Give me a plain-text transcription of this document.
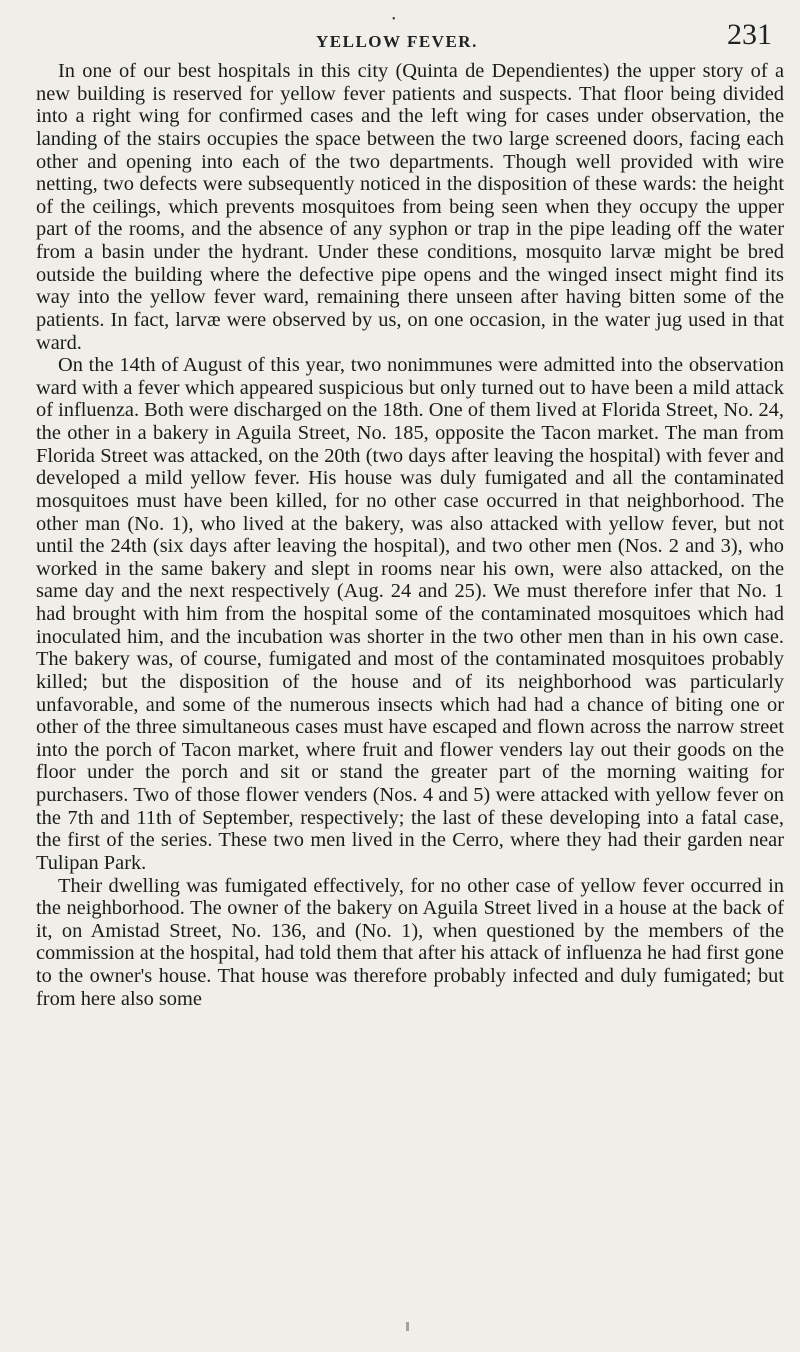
•
YELLOW FEVER.	231

In one of our best hospitals in this city (Quinta de Dependientes) the upper story of a new building is reserved for yellow fever patients and suspects. That floor being divided into a right wing for confirmed cases and the left wing for cases under observation, the landing of the stairs occupies the space between the two large screened doors, facing each other and opening into each of the two departments. Though well provided with wire netting, two defects were subsequently noticed in the disposition of these wards: the height of the ceilings, which prevents mosquitoes from being seen when they occupy the upper part of the rooms, and the absence of any syphon or trap in the pipe leading off the water from a basin under the hydrant. Under these conditions, mosquito larvæ might be bred outside the building where the defective pipe opens and the winged insect might find its way into the yellow fever ward, remaining there unseen after having bitten some of the patients. In fact, larvæ were observed by us, on one occasion, in the water jug used in that ward.

On the 14th of August of this year, two nonimmunes were admitted into the observation ward with a fever which appeared suspicious but only turned out to have been a mild attack of influenza. Both were discharged on the 18th. One of them lived at Florida Street, No. 24, the other in a bakery in Aguila Street, No. 185, opposite the Tacon market. The man from Florida Street was attacked, on the 20th (two days after leaving the hospital) with fever and developed a mild yellow fever. His house was duly fumigated and all the contaminated mosquitoes must have been killed, for no other case occurred in that neighborhood. The other man (No. 1), who lived at the bakery, was also attacked with yellow fever, but not until the 24th (six days after leaving the hospital), and two other men (Nos. 2 and 3), who worked in the same bakery and slept in rooms near his own, were also attacked, on the same day and the next respectively (Aug. 24 and 25). We must therefore infer that No. 1 had brought with him from the hospital some of the contaminated mosquitoes which had inoculated him, and the incubation was shorter in the two other men than in his own case. The bakery was, of course, fumigated and most of the contaminated mosquitoes probably killed; but the disposition of the house and of its neighborhood was particularly unfavorable, and some of the numerous insects which had had a chance of biting one or other of the three simultaneous cases must have escaped and flown across the narrow street into the porch of Tacon market, where fruit and flower venders lay out their goods on the floor under the porch and sit or stand the greater part of the morning waiting for purchasers. Two of those flower venders (Nos. 4 and 5) were attacked with yellow fever on the 7th and 11th of September, respectively; the last of these developing into a fatal case, the first of the series. These two men lived in the Cerro, where they had their garden near Tulipan Park.

Their dwelling was fumigated effectively, for no other case of yellow fever occurred in the neighborhood. The owner of the bakery on Aguila Street lived in a house at the back of it, on Amistad Street, No. 136, and (No. 1), when questioned by the members of the commission at the hospital, had told them that after his attack of influenza he had first gone to the owner's house. That house was therefore probably infected and duly fumigated; but from here also some
